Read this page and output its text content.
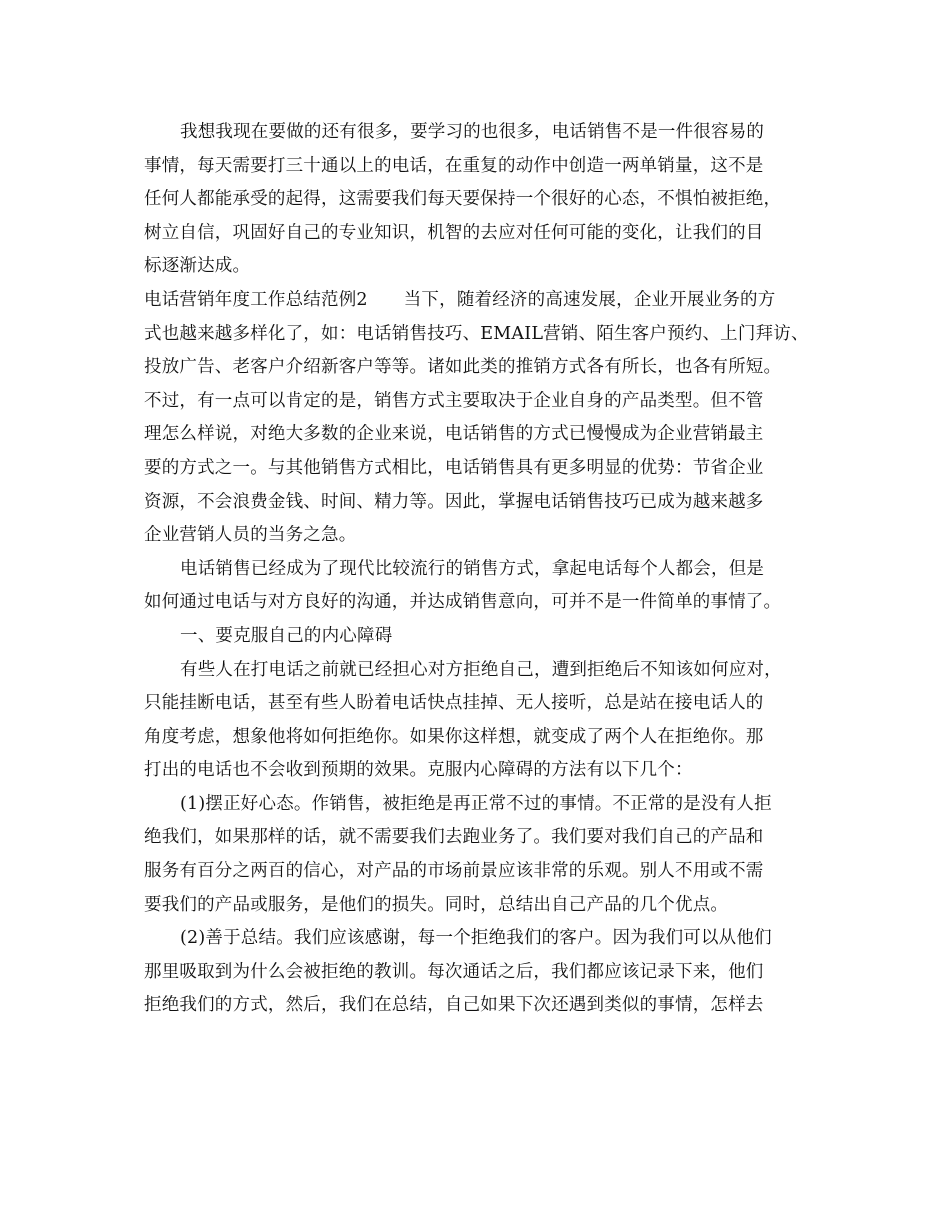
我想我现在要做的还有很多，要学习的也很多，电话销售不是一件很容易的
事情，每天需要打三十通以上的电话，在重复的动作中创造一两单销量，这不是
任何人都能承受的起得，这需要我们每天要保持一个很好的心态，不惧怕被拒绝，
树立自信，巩固好自己的专业知识，机智的去应对任何可能的变化，让我们的目
标逐渐达成。
电话营销年度工作总结范例2 当下，随着经济的高速发展，企业开展业务的方
式也越来越多样化了，如：电话销售技巧、EMAIL营销、陌生客户预约、上门拜访、
投放广告、老客户介绍新客户等等。诸如此类的推销方式各有所长，也各有所短。
不过，有一点可以肯定的是，销售方式主要取决于企业自身的产品类型。但不管
理怎么样说，对绝大多数的企业来说，电话销售的方式已慢慢成为企业营销最主
要的方式之一。与其他销售方式相比，电话销售具有更多明显的优势：节省企业
资源，不会浪费金钱、时间、精力等。因此，掌握电话销售技巧已成为越来越多
企业营销人员的当务之急。
电话销售已经成为了现代比较流行的销售方式，拿起电话每个人都会，但是
如何通过电话与对方良好的沟通，并达成销售意向，可并不是一件简单的事情了。
一、要克服自己的内心障碍
有些人在打电话之前就已经担心对方拒绝自己，遭到拒绝后不知该如何应对，
只能挂断电话，甚至有些人盼着电话快点挂掉、无人接听，总是站在接电话人的
角度考虑，想象他将如何拒绝你。如果你这样想，就变成了两个人在拒绝你。那
打出的电话也不会收到预期的效果。克服内心障碍的方法有以下几个：
(1)摆正好心态。作销售，被拒绝是再正常不过的事情。不正常的是没有人拒
绝我们，如果那样的话，就不需要我们去跑业务了。我们要对我们自己的产品和
服务有百分之两百的信心，对产品的市场前景应该非常的乐观。别人不用或不需
要我们的产品或服务，是他们的损失。同时，总结出自己产品的几个优点。
(2)善于总结。我们应该感谢，每一个拒绝我们的客户。因为我们可以从他们
那里吸取到为什么会被拒绝的教训。每次通话之后，我们都应该记录下来，他们
拒绝我们的方式，然后，我们在总结，自己如果下次还遇到类似的事情，怎样去
